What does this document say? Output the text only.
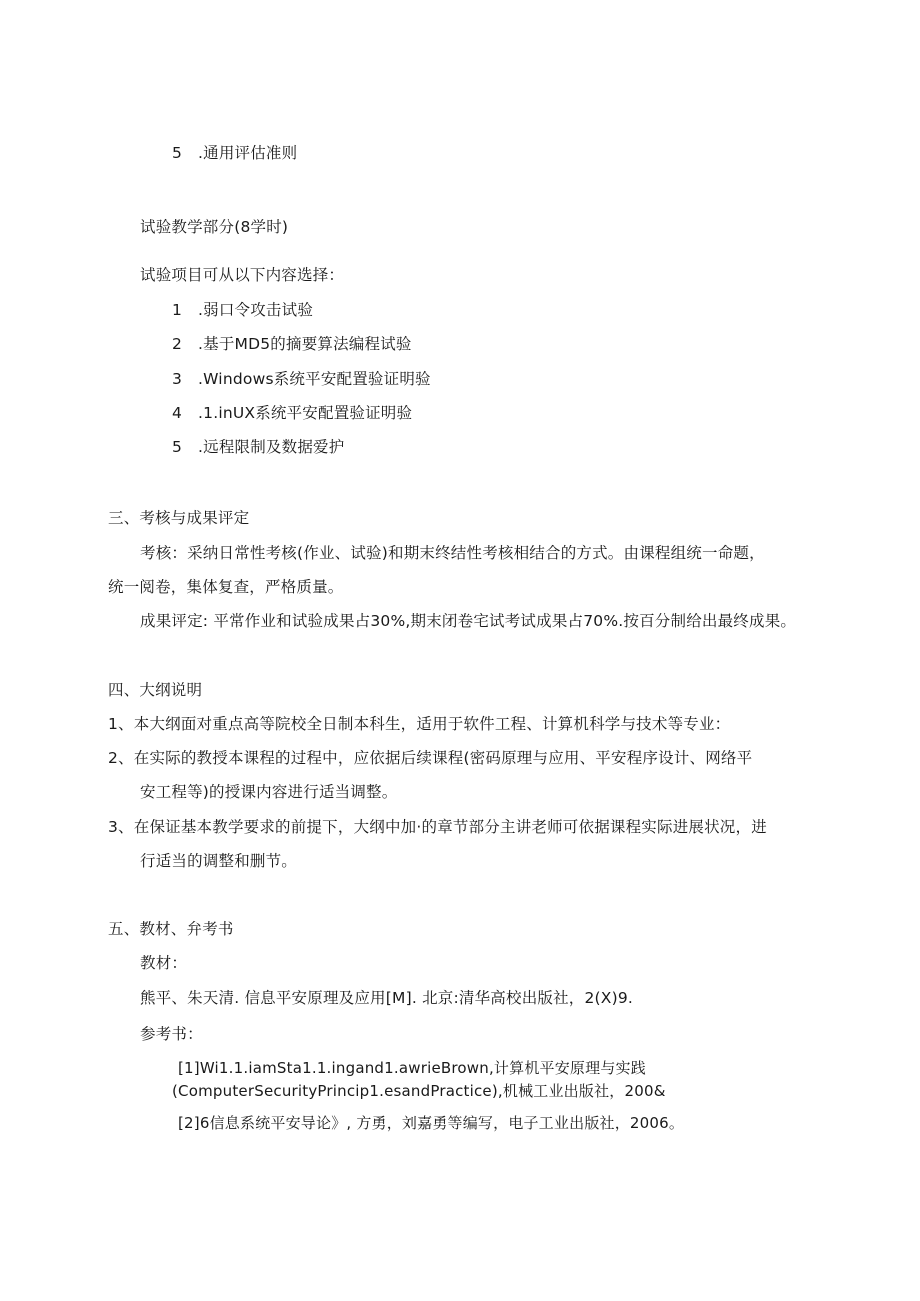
5 .通用评估准则
试验教学部分(8学时)
试验项目可从以下内容选择：
1 .弱口令攻击试验
2 .基于MD5的摘要算法编程试验
3 .Windows系统平安配置验证明验
4 .1.inUX系统平安配置验证明验
5 .远程限制及数据爱护
三、考核与成果评定
考核：采纳日常性考核(作业、试验)和期末终结性考核相结合的方式。由课程组统一命题，
统一阅卷，集体复查，严格质量。
成果评定: 平常作业和试验成果占30%,期末闭卷宅试考试成果占70%.按百分制给出最终成果。
四、大纲说明
1、本大纲面对重点高等院校全日制本科生，适用于软件工程、计算机科学与技术等专业：
2、在实际的教授本课程的过程中，应依据后续课程(密码原理与应用、平安程序设计、网络平
安工程等)的授课内容进行适当调整。
3、在保证基本教学要求的前提下，大纲中加·的章节部分主讲老师可依据课程实际进展状况，进
行适当的调整和删节。
五、教材、弁考书
教材：
熊平、朱天清. 信息平安原理及应用[M]. 北京:清华高校出版社，2(X)9.
参考书：
[1]Wi1.1.iamSta1.1.ingand1.awrieBrown,计算机平安原理与实践
(ComputerSecurityPrincip1.esandPractice),机械工业出版社，200&
[2]6信息系统平安导论》, 方勇，刘嘉勇等编写，电子工业出版社，2006。
